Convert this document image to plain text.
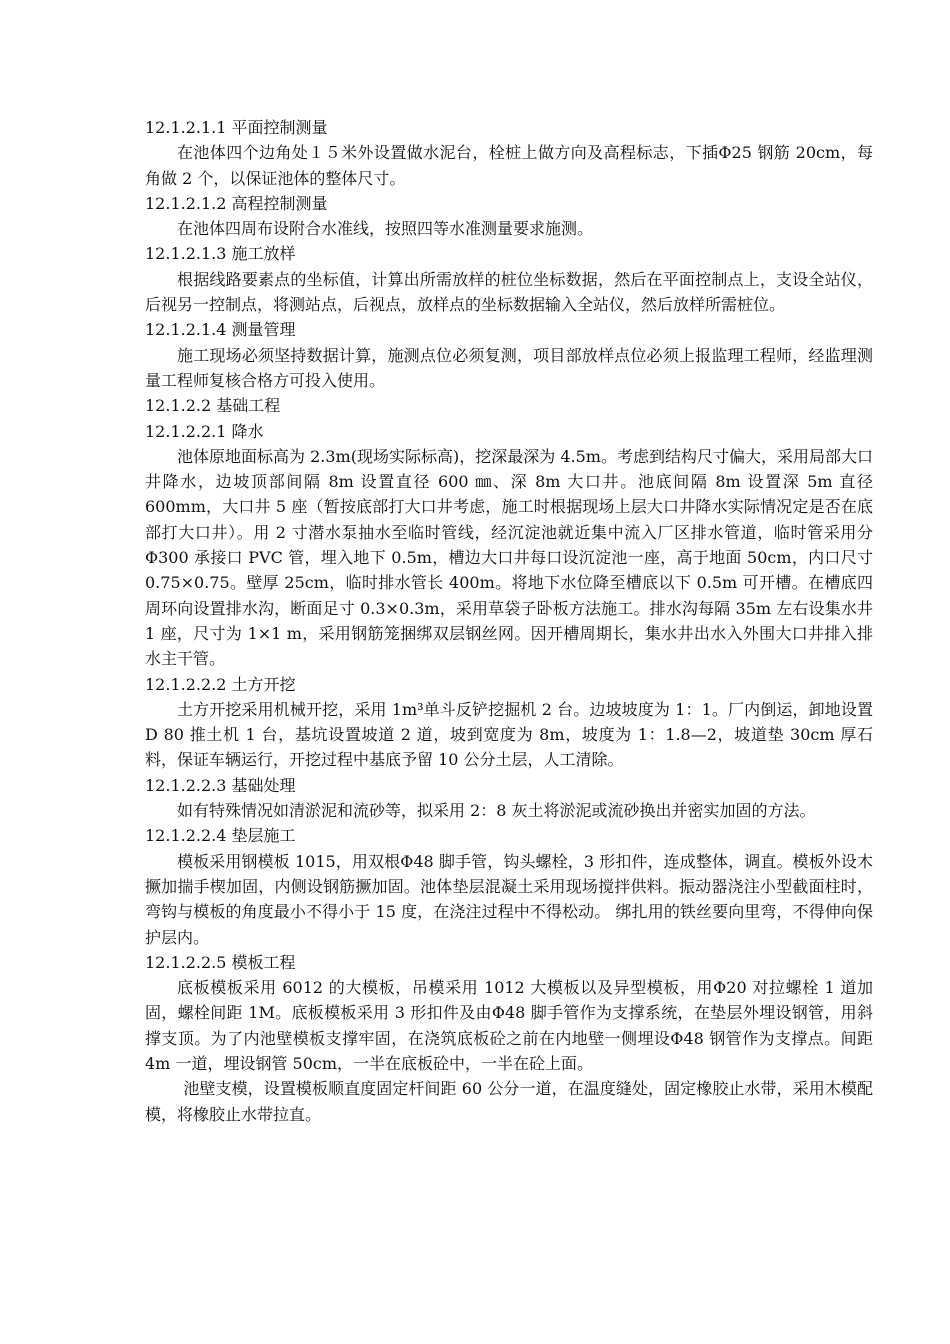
12.1.2.1.1 平面控制测量

在池体四个边角处１５米外设置做水泥台，栓桩上做方向及高程标志，下插Φ25 钢筋 20cm，每角做 2 个，以保证池体的整体尺寸。

12.1.2.1.2 高程控制测量

在池体四周布设附合水准线，按照四等水准测量要求施测。

12.1.2.1.3 施工放样

根据线路要素点的坐标值，计算出所需放样的桩位坐标数据，然后在平面控制点上，支设全站仪，后视另一控制点，将测站点，后视点，放样点的坐标数据输入全站仪，然后放样所需桩位。

12.1.2.1.4 测量管理

施工现场必须坚持数据计算，施测点位必须复测，项目部放样点位必须上报监理工程师，经监理测量工程师复核合格方可投入使用。

12.1.2.2 基础工程

12.1.2.2.1 降水

池体原地面标高为 2.3m(现场实际标高)，挖深最深为 4.5m。考虑到结构尺寸偏大，采用局部大口井降水，边坡顶部间隔 8m 设置直径 600 ㎜、深 8m 大口井。池底间隔 8m 设置深 5m 直径 600mm，大口井 5 座（暂按底部打大口井考虑，施工时根据现场上层大口井降水实际情况定是否在底部打大口井）。用 2 寸潜水泵抽水至临时管线，经沉淀池就近集中流入厂区排水管道，临时管采用分Φ300 承接口 PVC 管，埋入地下 0.5m，槽边大口井每口设沉淀池一座，高于地面 50cm，内口尺寸 0.75×0.75。壁厚 25cm，临时排水管长 400m。将地下水位降至槽底以下 0.5m 可开槽。在槽底四周环向设置排水沟，断面足寸 0.3×0.3m，采用草袋子卧板方法施工。排水沟每隔 35m 左右设集水井 1 座，尺寸为 1×1 m，采用钢筋笼捆绑双层钢丝网。因开槽周期长，集水井出水入外围大口井排入排水主干管。

12.1.2.2.2 土方开挖

土方开挖采用机械开挖，采用 1m³单斗反铲挖掘机 2 台。边坡坡度为 1：1。厂内倒运，卸地设置 D 80 推土机 1 台，基坑设置坡道 2 道，坡到宽度为 8m，坡度为 1：1.8—2，坡道垫 30cm 厚石料，保证车辆运行，开挖过程中基底予留 10 公分土层，人工清除。

12.1.2.2.3 基础处理

如有特殊情况如清淤泥和流砂等，拟采用 2：8 灰土将淤泥或流砂换出并密实加固的方法。

12.1.2.2.4 垫层施工

模板采用钢模板 1015，用双根Φ48 脚手管，钩头螺栓，3 形扣件，连成整体，调直。模板外设木撅加揣手楔加固，内侧设钢筋撅加固。池体垫层混凝土采用现场搅拌供料。振动器浇注小型截面柱时，弯钩与模板的角度最小不得小于 15 度，在浇注过程中不得松动。 绑扎用的铁丝要向里弯，不得伸向保护层内。

12.1.2.2.5 模板工程

底板模板采用 6012 的大模板，吊模采用 1012 大模板以及异型模板，用Φ20 对拉螺栓 1 道加固，螺栓间距 1M。底板模板采用 3 形扣件及由Φ48 脚手管作为支撑系统，在垫层外埋设钢管，用斜撑支顶。为了内池壁模板支撑牢固，在浇筑底板砼之前在内地壁一侧埋设Φ48 钢管作为支撑点。间距 4m 一道，埋设钢管 50cm，一半在底板砼中，一半在砼上面。

池壁支模，设置模板顺直度固定杆间距 60 公分一道，在温度缝处，固定橡胶止水带，采用木模配模，将橡胶止水带拉直。
